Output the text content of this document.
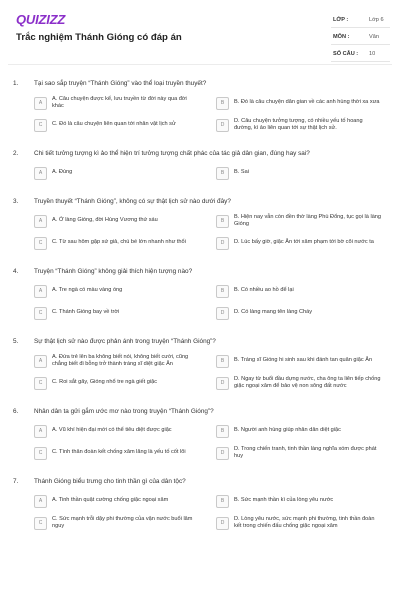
QUIZIZZ
Trắc nghiệm Thánh Gióng có đáp án
LỚP :	Lớp 6
MÔN :	Văn
SỐ CÂU : 10
1. Tại sao sắp truyện “Thánh Gióng” vào thể loại truyền thuyết?
A
A. Câu chuyện được kể, lưu truyền từ đời này qua đời khác	B	B. Đó là câu chuyện dân gian về các anh hùng thời xa xưa
C	C. Đó là câu chuyện liên quan tới nhân vật lịch sử	D
D. Câu chuyện tưởng tượng, có nhiều yếu tố hoang đường, kì ảo liên quan tới sự thật lịch sử.
2. Chi tiết tưởng tượng kì ảo thể hiện trí tưởng tượng chất phác của tác giả dân gian, đúng hay sai?
A	A. Đúng	B	B. Sai
3. Truyền thuyết “Thánh Gióng”, không có sự thật lịch sử nào dưới đây?
A	A. Ở làng Gióng, đời Hùng Vương thứ sáu	B
B. Hiện nay vẫn còn đền thờ làng Phù Đổng, tục gọi là làng Gióng
C	C. Từ sau hôm gặp sứ giả, chú bé lớn nhanh như thổi	D	D. Lúc bấy giờ, giặc Ân tới xâm phạm tới bờ cõi nước ta
4. Truyện “Thánh Gióng” không giải thích hiện tượng nào?
A	A. Tre ngà có màu vàng óng	B	B. Có nhiều ao hồ để lại
C	C. Thánh Gióng bay về trời	D	D. Có làng mang tên làng Cháy
5. Sự thật lịch sử nào được phản ánh trong truyện “Thánh Gióng”?
A
A. Đứa trẻ lên ba không biết nói, không biết cười, cũng chẳng biết đi bỗng trở thành tráng sĩ diệt giặc Ân	B	B. Tráng sĩ Gióng hi sinh sau khi đánh tan quân giặc Ân
C	C. Roi sắt gãy, Gióng nhổ tre ngà giết giặc	D
D. Ngay từ buổi đầu dựng nước, cha ông ta liên tiếp chống giặc ngoại xâm để bảo vệ non sông đất nước
6. Nhân dân ta gửi gắm ước mơ nào trong truyện “Thánh Gióng”?
A	A. Vũ khí hiện đại mới có thể tiêu diệt được giặc	B	B. Người anh hùng giúp nhân dân diệt giặc
C	C. Tình thân đoàn kết chống xâm lăng là yếu tố cốt lõi	D
D. Trong chiến tranh, tinh thần làng nghĩa xóm được phát huy
7. Thánh Gióng biểu trưng cho tinh thần gì của dân tộc?
A	A. Tinh thần quật cường chống giặc ngoại xâm	B	B. Sức mạnh thần kì của lòng yêu nước
C
C. Sức mạnh trỗi dậy phi thường của vận nước buổi lâm nguy	D
D. Lòng yêu nước, sức mạnh phi thường, tinh thần đoàn kết trong chiến đấu chống giặc ngoại xâm
